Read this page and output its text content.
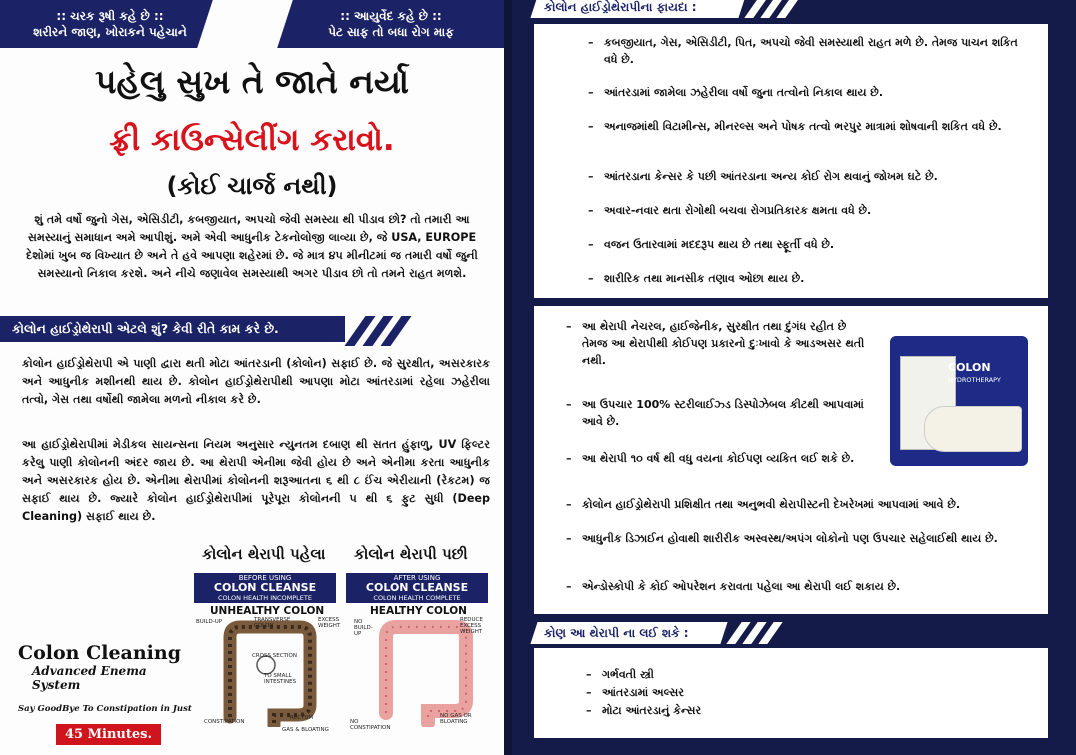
:: ચરક રૂષી કહે છે ::
શરીરને જાણ, ખોરાકને પહેચાને
:: આયુર્વેદ કહે છે ::
પેટ સાફ તો બધા રોગ માફ
પહેલુ સુખ તે જાતે નર્યા
ફ્રી કાઉન્સેલીંગ કરાવો.
(કોઈ ચાર્જ નથી)
શું તમે વર્ષો જુનો ગેસ, એસિડીટી, કબજીયાત, અપચો જેવી સમસ્યા થી પીડાવ છો? તો તમારી આ સમસ્યાનું સમાધાન અમે આપીશું. અમે એવી આધુનીક ટેકનોલોજી લાવ્યા છે, જે USA, EUROPE દેશોમાં ખુબ જ વિખ્યાત છે અને તે હવે આપણા શહેરમાં છે. જે માત્ર ૪૫ મીનીટમાં જ તમારી વર્ષો જુની સમસ્યાનો નિકાલ કરશે. અને નીચે જણાવેલ સમસ્યાથી અગર પીડાવ છો તો તમને રાહત મળશે.
કોલોન હાઈડ્રોથેરાપી એટલે શું? કેવી રીતે કામ કરે છે.
કોલોન હાઈડ્રોથેરાપી એ પાણી દ્વારા થતી મોટા આંતરડાની (કોલોન) સફાઈ છે. જે સુરક્ષીત, અસરકારક અને આધુનીક મશીનથી થાય છે. કોલોન હાઈડ્રોથેરાપીથી આપણા મોટા આંતરડામાં રહેલા ઝહેરીલા તત્વો, ગેસ તથા વર્ષોથી જામેલા મળનો નીકાલ કરે છે.
આ હાઈડ્રોથેરાપીમાં મેડીકલ સાયન્સના નિયમ અનુસાર ન્યુનતમ દબાણ થી સતત હુંફાળુ, UV ફિલ્ટર કરેલુ પાણી કોલોનની અંદર જાય છે. આ થેરાપી એનીમા જેવી હોય છે અને એનીમા કરતા આધુનીક અને અસરકારક હોય છે. એનીમા થેરાપીમાં કોલોનની શરૂઆતના ૬ થી ૮ ઈંચ એરીયાની (રેકટમ) જ સફાઈ થાય છે. જ્યારે કોલોન હાઈડ્રોથેરાપીમાં પૂરેપૂરા કોલોનની ૫ થી ૬ ફુટ સુધી (Deep Cleaning) સફાઈ થાય છે.
કોલોન થેરાપી પહેલા કોલોન થેરાપી પછી
BEFORE USING
COLON CLEANSE
COLON HEALTH INCOMPLETE
AFTER USING
COLON CLEANSE
COLON HEALTH COMPLETE
UNHEALTHY COLON	HEALTHY COLON
BUILD-UP	TRANSVERSE COLON
EXCESS WEIGHT
CROSS SECTION
TO SMALL INTESTINES
RECTUM
CONSTIPATION
GAS & BLOATING
NO BUILD-UP
REDUCE EXCESS WEIGHT
NO CONSTIPATION
NO GAS OR BLOATING
Colon Cleaning
Advanced Enema System
Say GoodBye To Constipation in Just
45 Minutes.
કોલોન હાઈડ્રોથેરાપીના ફાયદા :
– કબજીયાત, ગેસ, એસિડીટી, પિત, અપચો જેવી સમસ્યાથી રાહત મળે છે. તેમજ પાચન શકિત વધે છે.
– આંતરડામાં જામેલા ઝહેરીલા વર્ષો જુના તત્વોનો નિકાલ થાય છે.
– અનાજમાંથી વિટામીન્સ, મીનરલ્સ અને પોષક તત્વો ભરપુર માત્રામાં શોષવાની શકિત વધે છે.
– આંતરડાના કેન્સર કે પછી આંતરડાના અન્ય કોઈ રોગ થવાનું જોખમ ઘટે છે.
– અવાર-નવાર થતા રોગોથી બચવા રોગપ્રતિકારક ક્ષમતા વધે છે.
– વજન ઉતારવામાં મદદરૂપ થાય છે તથા સ્ફૂર્તી વધે છે.
– શારીરિક તથા માનસીક તણાવ ઓછા થાય છે.
– આ થેરાપી નેચરલ, હાઈજેનીક, સુરક્ષીત તથા દુંગંધ રહીત છે તેમજ આ થેરાપીથી કોઈપણ પ્રકારનો દુઃખાવો કે આડઅસર થતી નથી.
– આ ઉપચાર 100% સ્ટરીલાઈઝ્ડ ડિસ્પોઝેબલ કીટથી આપવામાં આવે છે.
– આ થેરાપી ૧૦ વર્ષ થી વધુ વયના કોઈપણ વ્યકિત લઈ શકે છે.
– કોલોન હાઈડ્રોથેરાપી પ્રશિક્ષીત તથા અનુભવી થેરાપીસ્ટની દેખરેખમાં આપવામાં આવે છે.
– આધુનીક ડિઝાઈન હોવાથી શારીરીક અસ્વસ્થ/અપંગ લોકોનો પણ ઉપચાર સહેલાઈથી થાય છે.
– એન્ડોસ્કોપી કે કોઈ ઓપરેશન કરાવતા પહેલા આ થેરાપી લઈ શકાય છે.
COLON
HYDROTHERAPY
કોણ આ થેરાપી ના લઈ શકે :
– ગર્ભવતી સ્ત્રી
– આંતરડામાં અલ્સર
– મોટા આંતરડાનું કેન્સર
